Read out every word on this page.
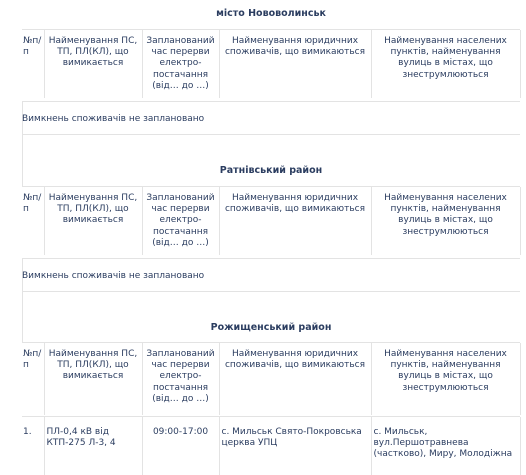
місто Нововолинськ
№п/п	Найменування ПС, ТП, ПЛ(КЛ), що вимикається	Запланований час перерви електро-постачання (від… до …)	Найменування юридичних споживачів, що вимикаються	Найменування населених пунктів, найменування вулиць в містах, що знеструмлюються
Вимкнень споживачів не заплановано
Ратнівський район
№п/п	Найменування ПС, ТП, ПЛ(КЛ), що вимикається	Запланований час перерви електро-постачання (від… до …)	Найменування юридичних споживачів, що вимикаються	Найменування населених пунктів, найменування вулиць в містах, що знеструмлюються
Вимкнень споживачів не заплановано
Рожищенський район
№п/п	Найменування ПС, ТП, ПЛ(КЛ), що вимикається	Запланований час перерви електро-постачання (від… до …)	Найменування юридичних споживачів, що вимикаються	Найменування населених пунктів, найменування вулиць в містах, що знеструмлюються
1.	ПЛ-0,4 кВ від КТП-275 Л-3, 4	09:00-17:00	с. Мильськ Свято-Покровська церква УПЦ	с. Мильськ, вул.Першотравнева (частково), Миру, Молодіжна
